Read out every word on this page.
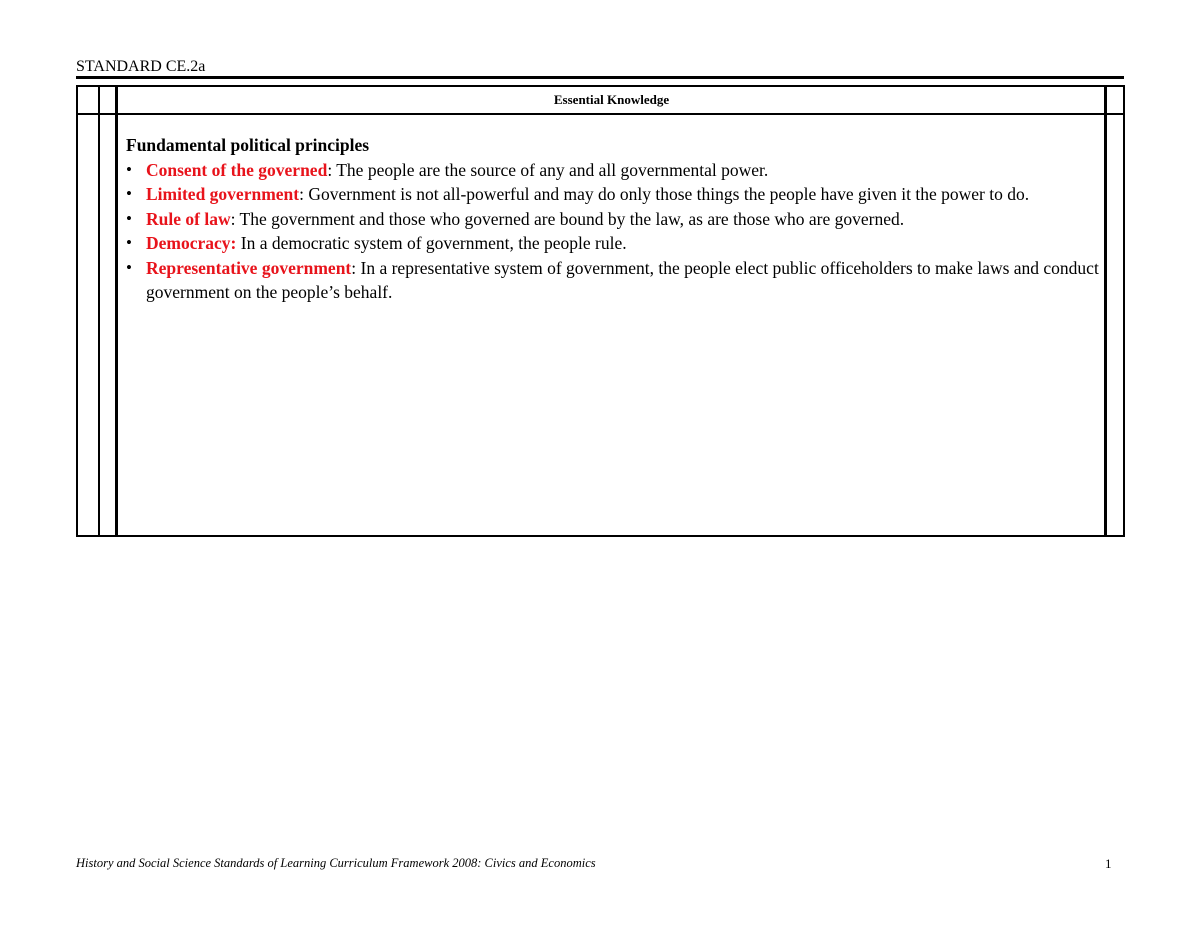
STANDARD CE.2a
Essential Knowledge

Fundamental political principles

• Consent of the governed: The people are the source of any and all governmental power.
• Limited government: Government is not all-powerful and may do only those things the people have given it the power to do.
• Rule of law: The government and those who governed are bound by the law, as are those who are governed.
• Democracy: In a democratic system of government, the people rule.
• Representative government: In a representative system of government, the people elect public officeholders to make laws and conduct government on the people’s behalf.
History and Social Science Standards of Learning Curriculum Framework 2008: Civics and Economics	1
